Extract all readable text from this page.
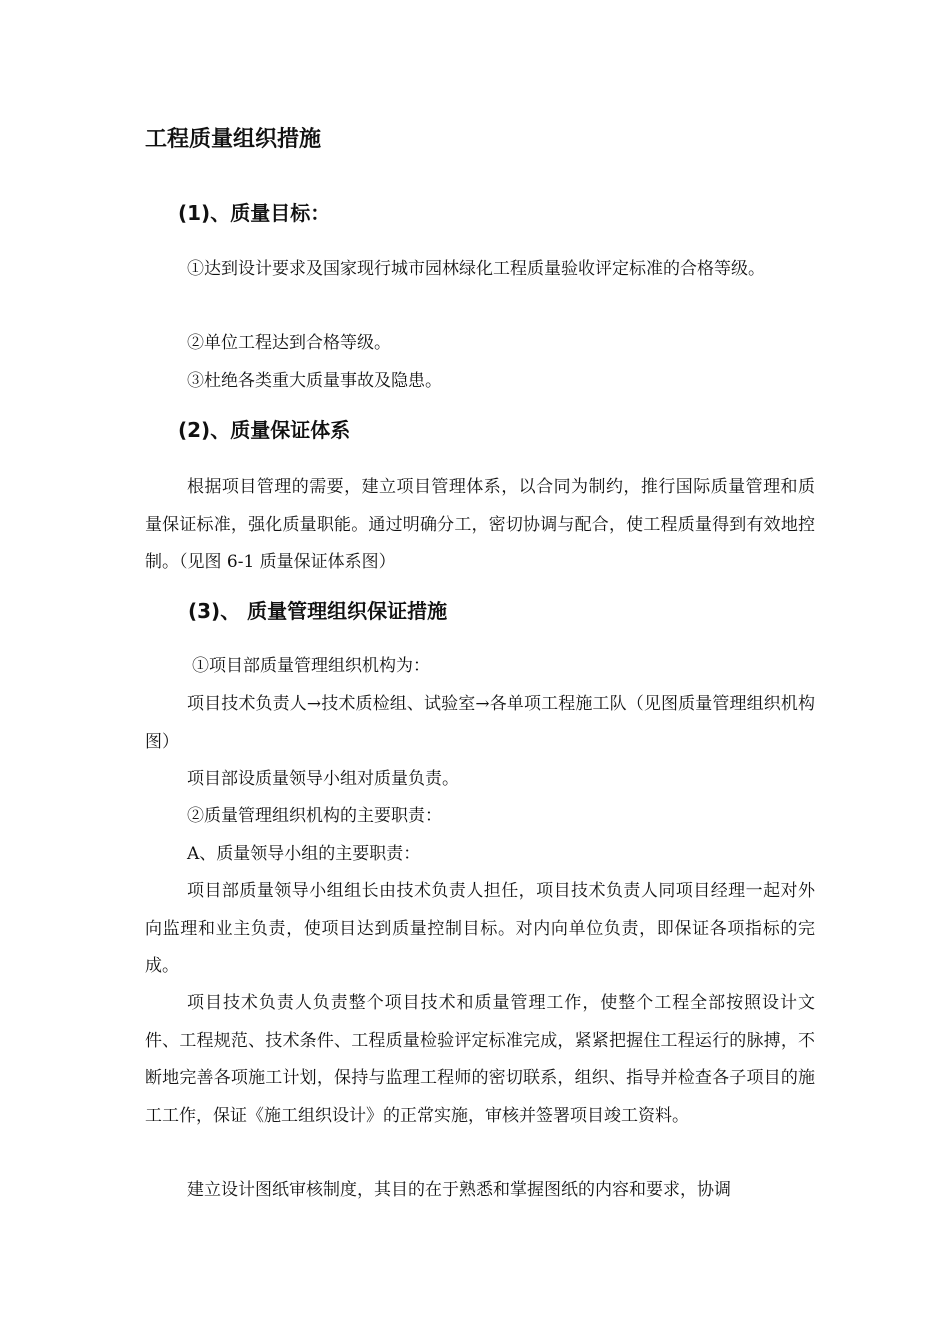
工程质量组织措施
(1)、质量目标：
①达到设计要求及国家现行城市园林绿化工程质量验收评定标准的合格等级。
②单位工程达到合格等级。
③杜绝各类重大质量事故及隐患。
(2)、质量保证体系
根据项目管理的需要，建立项目管理体系，以合同为制约，推行国际质量管理和质量保证标准，强化质量职能。通过明确分工，密切协调与配合，使工程质量得到有效地控制。（见图 6-1 质量保证体系图）
(3)、 质量管理组织保证措施
①项目部质量管理组织机构为：
项目技术负责人→技术质检组、试验室→各单项工程施工队（见图质量管理组织机构图）
项目部设质量领导小组对质量负责。
②质量管理组织机构的主要职责：
A、质量领导小组的主要职责：
项目部质量领导小组组长由技术负责人担任，项目技术负责人同项目经理一起对外向监理和业主负责，使项目达到质量控制目标。对内向单位负责，即保证各项指标的完成。
项目技术负责人负责整个项目技术和质量管理工作，使整个工程全部按照设计文件、工程规范、技术条件、工程质量检验评定标准完成，紧紧把握住工程运行的脉搏，不断地完善各项施工计划，保持与监理工程师的密切联系，组织、指导并检查各子项目的施工工作，保证《施工组织设计》的正常实施，审核并签署项目竣工资料。
建立设计图纸审核制度，其目的在于熟悉和掌握图纸的内容和要求，协调
